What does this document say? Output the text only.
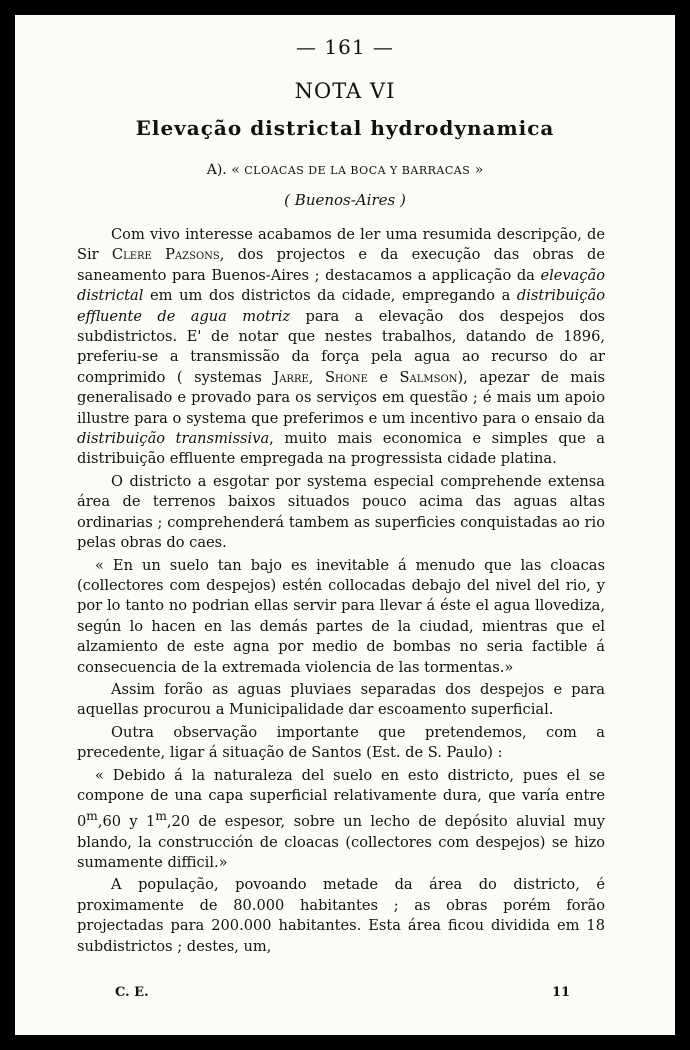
— 161 —
NOTA VI
Elevação districtal hydrodynamica
A). « CLOACAS DE LA BOCA Y BARRACAS »
( Buenos-Aires )

Com vivo interesse acabamos de ler uma resumida descripção, de Sir Clere Pazsons, dos projectos e da execução das obras de saneamento para Buenos-Aires ; destacamos a applicação da elevação districtal em um dos districtos da cidade, empregando a distribuição effluente de agua motriz para a elevação dos despejos dos subdistrictos. E' de notar que nestes trabalhos, datando de 1896, preferiu-se a transmissão da força pela agua ao recurso do ar comprimido ( systemas Jarre, Shone e Salmson), apezar de mais generalisado e provado para os serviços em questão ; é mais um apoio illustre para o systema que preferimos e um incentivo para o ensaio da distribuição transmissiva, muito mais economica e simples que a distribuição effluente empregada na progressista cidade platina.

O districto a esgotar por systema especial comprehende extensa área de terrenos baixos situados pouco acima das aguas altas ordinarias ; comprehenderá tambem as superficies conquistadas ao rio pelas obras do caes.

« En un suelo tan bajo es inevitable á menudo que las cloacas (collectores com despejos) estén collocadas debajo del nivel del rio, y por lo tanto no podrian ellas servir para llevar á éste el agua llovediza, según lo hacen en las demás partes de la ciudad, mientras que el alzamiento de este agna por medio de bombas no seria factible á consecuencia de la extremada violencia de las tormentas.»

Assim forão as aguas pluviaes separadas dos despejos e para aquellas procurou a Municipalidade dar escoamento superficial.

Outra observação importante que pretendemos, com a precedente, ligar á situação de Santos (Est. de S. Paulo) :

« Debido á la naturaleza del suelo en esto districto, pues el se compone de una capa superficial relativamente dura, que varía entre 0$^m$,60 y 1$^m$,20 de espesor, sobre un lecho de depósito aluvial muy blando, la construcción de cloacas (collectores com despejos) se hizo sumamente difficil.»

A população, povoando metade da área do districto, é proximamente de 80.000 habitantes ; as obras porém forão projectadas para 200.000 habitantes. Esta área ficou dividida em 18 subdistrictos ; destes, um,

C. E.	11
